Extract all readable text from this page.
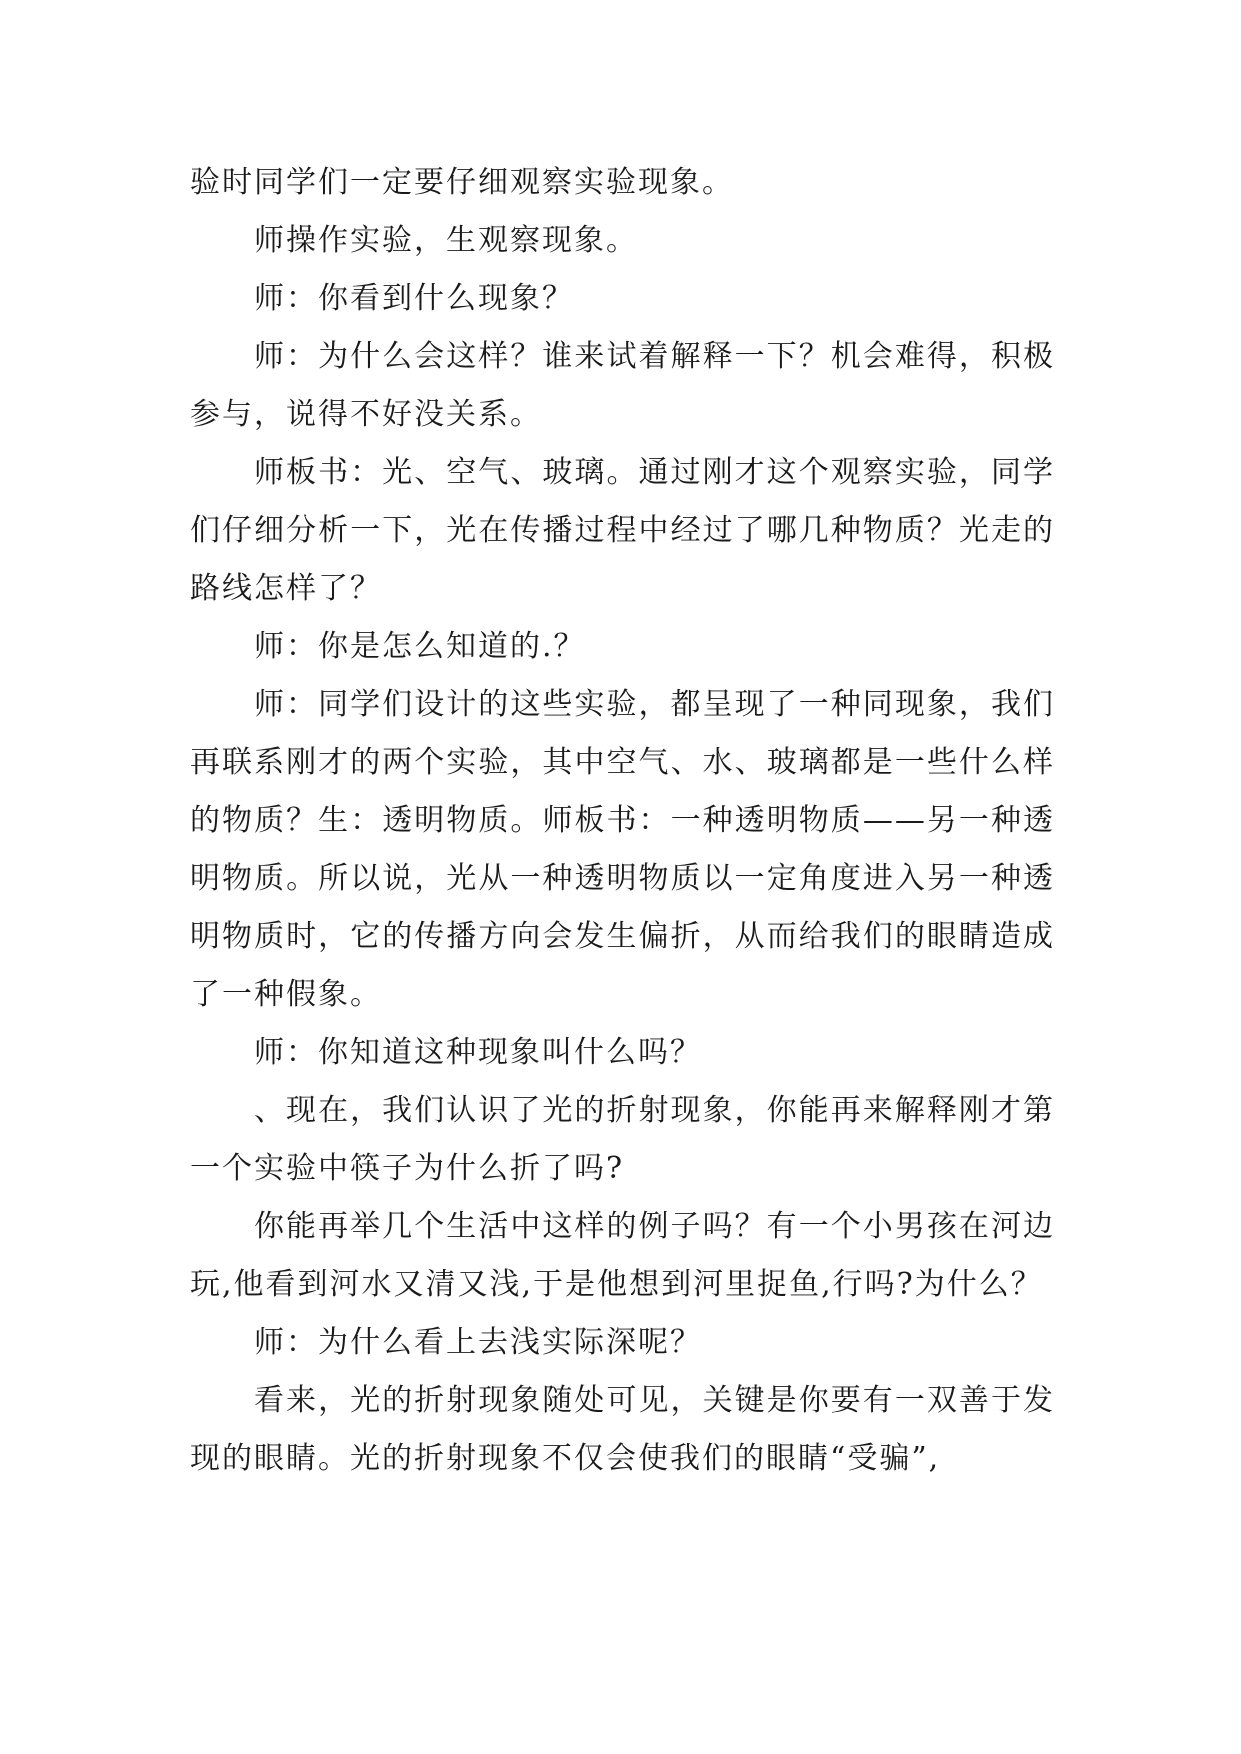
验时同学们一定要仔细观察实验现象。

师操作实验，生观察现象。

师：你看到什么现象？

师：为什么会这样？谁来试着解释一下？机会难得，积极参与，说得不好没关系。

师板书：光、空气、玻璃。通过刚才这个观察实验，同学们仔细分析一下，光在传播过程中经过了哪几种物质？光走的路线怎样了？

师：你是怎么知道的.？

师：同学们设计的这些实验，都呈现了一种同现象，我们再联系刚才的两个实验，其中空气、水、玻璃都是一些什么样的物质？生：透明物质。师板书：一种透明物质——另一种透明物质。所以说，光从一种透明物质以一定角度进入另一种透明物质时，它的传播方向会发生偏折，从而给我们的眼睛造成了一种假象。

师：你知道这种现象叫什么吗？

、现在，我们认识了光的折射现象，你能再来解释刚才第一个实验中筷子为什么折了吗?

你能再举几个生活中这样的例子吗？有一个小男孩在河边玩,他看到河水又清又浅,于是他想到河里捉鱼,行吗?为什么？

师：为什么看上去浅实际深呢？

看来，光的折射现象随处可见，关键是你要有一双善于发现的眼睛。光的折射现象不仅会使我们的眼睛“受骗”,
